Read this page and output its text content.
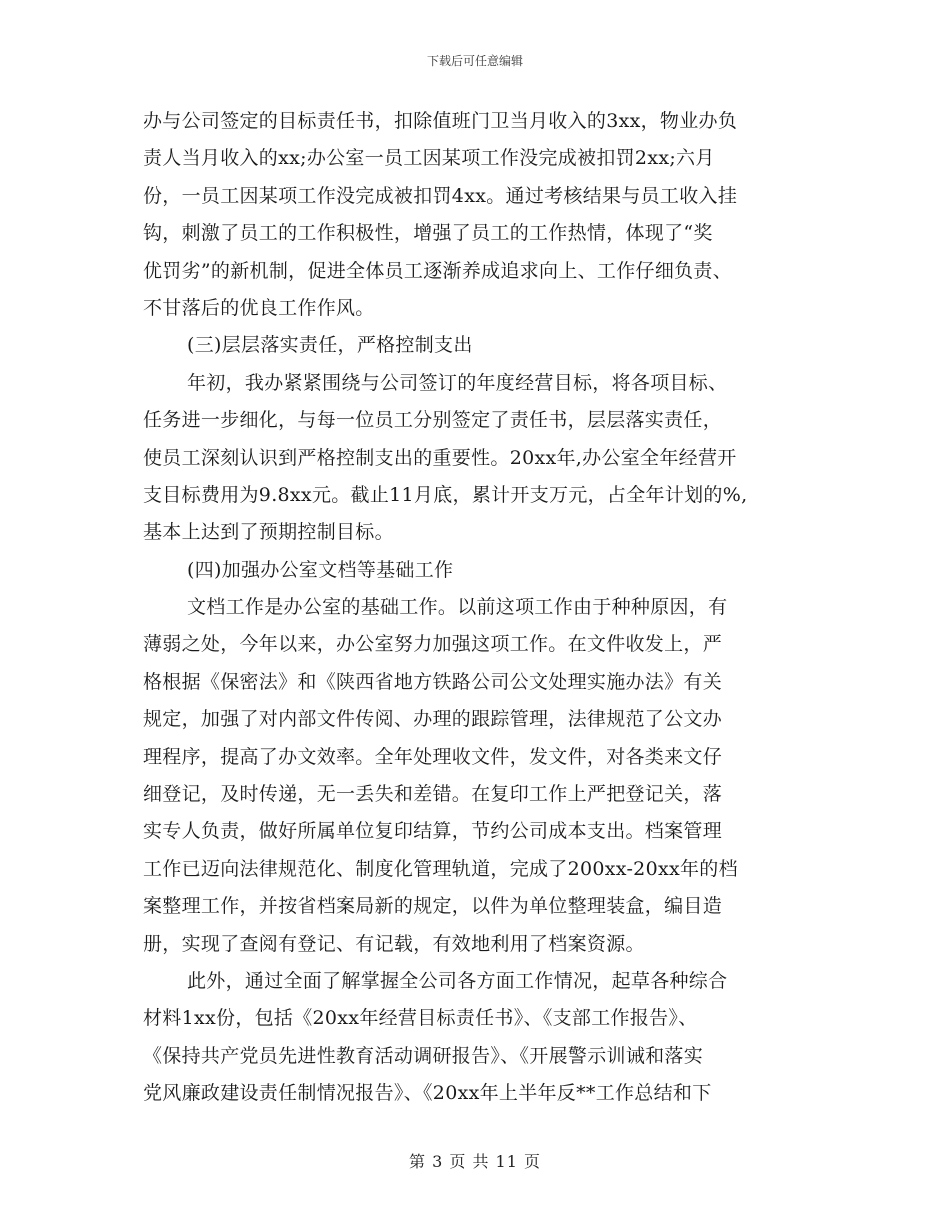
下载后可任意编辑
办与公司签定的目标责任书，扣除值班门卫当月收入的3xx，物业办负
责人当月收入的xx;办公室一员工因某项工作没完成被扣罚2xx;六月
份，一员工因某项工作没完成被扣罚4xx。通过考核结果与员工收入挂
钩，刺激了员工的工作积极性，增强了员工的工作热情，体现了“奖
优罚劣”的新机制，促进全体员工逐渐养成追求向上、工作仔细负责、
不甘落后的优良工作作风。
(三)层层落实责任，严格控制支出
年初，我办紧紧围绕与公司签订的年度经营目标，将各项目标、
任务进一步细化，与每一位员工分别签定了责任书，层层落实责任，
使员工深刻认识到严格控制支出的重要性。20xx年,办公室全年经营开
支目标费用为9.8xx元。截止11月底，累计开支万元，占全年计划的%,
基本上达到了预期控制目标。
(四)加强办公室文档等基础工作
文档工作是办公室的基础工作。以前这项工作由于种种原因，有
薄弱之处，今年以来，办公室努力加强这项工作。在文件收发上，严
格根据《保密法》和《陕西省地方铁路公司公文处理实施办法》有关
规定，加强了对内部文件传阅、办理的跟踪管理，法律规范了公文办
理程序，提高了办文效率。全年处理收文件，发文件，对各类来文仔
细登记，及时传递，无一丢失和差错。在复印工作上严把登记关，落
实专人负责，做好所属单位复印结算，节约公司成本支出。档案管理
工作已迈向法律规范化、制度化管理轨道，完成了200xx-20xx年的档
案整理工作，并按省档案局新的规定，以件为单位整理装盒，编目造
册，实现了查阅有登记、有记载，有效地利用了档案资源。
此外，通过全面了解掌握全公司各方面工作情况，起草各种综合
材料1xx份，包括《20xx年经营目标责任书》、《支部工作报告》、
《保持共产党员先进性教育活动调研报告》、《开展警示训诫和落实
党风廉政建设责任制情况报告》、《20xx年上半年反**工作总结和下
第 3 页 共 11 页
